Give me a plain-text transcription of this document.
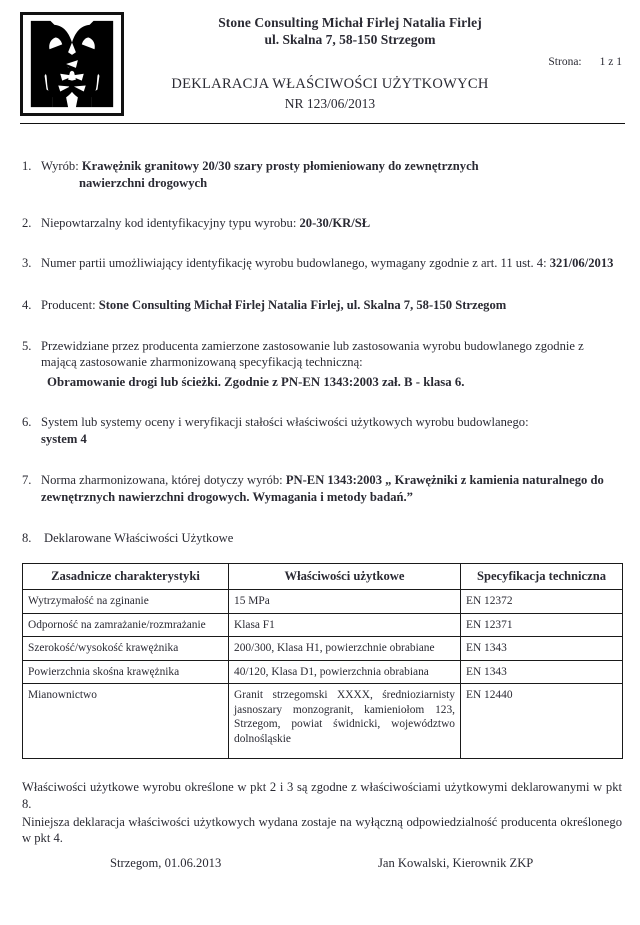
Stone Consulting Michał Firlej Natalia Firlej
ul. Skalna 7, 58-150 Strzegom
Strona: 1 z 1
DEKLARACJA WŁAŚCIWOŚCI UŻYTKOWYCH
NR 123/06/2013
1. Wyrób: Krawężnik granitowy 20/30 szary prosty płomieniowany do zewnętrznych
nawierzchni drogowych
2. Niepowtarzalny kod identyfikacyjny typu wyrobu: 20-30/KR/SŁ
3. Numer partii umożliwiający identyfikację wyrobu budowlanego, wymagany zgodnie z art. 11 ust. 4: 321/06/2013
4. Producent: Stone Consulting Michał Firlej Natalia Firlej, ul. Skalna 7, 58-150 Strzegom
5. Przewidziane przez producenta zamierzone zastosowanie lub zastosowania wyrobu budowlanego zgodnie z mającą zastosowanie zharmonizowaną specyfikacją techniczną:
Obramowanie drogi lub ścieżki. Zgodnie z PN-EN 1343:2003 zał. B - klasa 6.
6. System lub systemy oceny i weryfikacji stałości właściwości użytkowych wyrobu budowlanego:
system 4
7. Norma zharmonizowana, której dotyczy wyrób: PN-EN 1343:2003 „ Krawężniki z kamienia naturalnego do zewnętrznych nawierzchni drogowych. Wymagania i metody badań.”
8. Deklarowane Właściwości Użytkowe
Zasadnicze charakterystyki	Właściwości użytkowe	Specyfikacja techniczna
Wytrzymałość na zginanie	15 MPa	EN 12372
Odporność na zamrażanie/rozmrażanie	Klasa F1	EN 12371
Szerokość/wysokość krawężnika	200/300, Klasa H1, powierzchnie obrabiane	EN 1343
Powierzchnia skośna krawężnika	40/120, Klasa D1, powierzchnia obrabiana	EN 1343
Mianownictwo	Granit strzegomski XXXX, średnioziarnisty jasnoszary monzogranit, kamieniołom 123, Strzegom, powiat świdnicki, województwo dolnośląskie	EN 12440

Właściwości użytkowe wyrobu określone w pkt 2 i 3 są zgodne z właściwościami użytkowymi deklarowanymi w pkt 8.

Niniejsza deklaracja właściwości użytkowych wydana zostaje na wyłączną odpowiedzialność producenta określonego w pkt 4.

Strzegom, 01.06.2013	Jan Kowalski, Kierownik ZKP
